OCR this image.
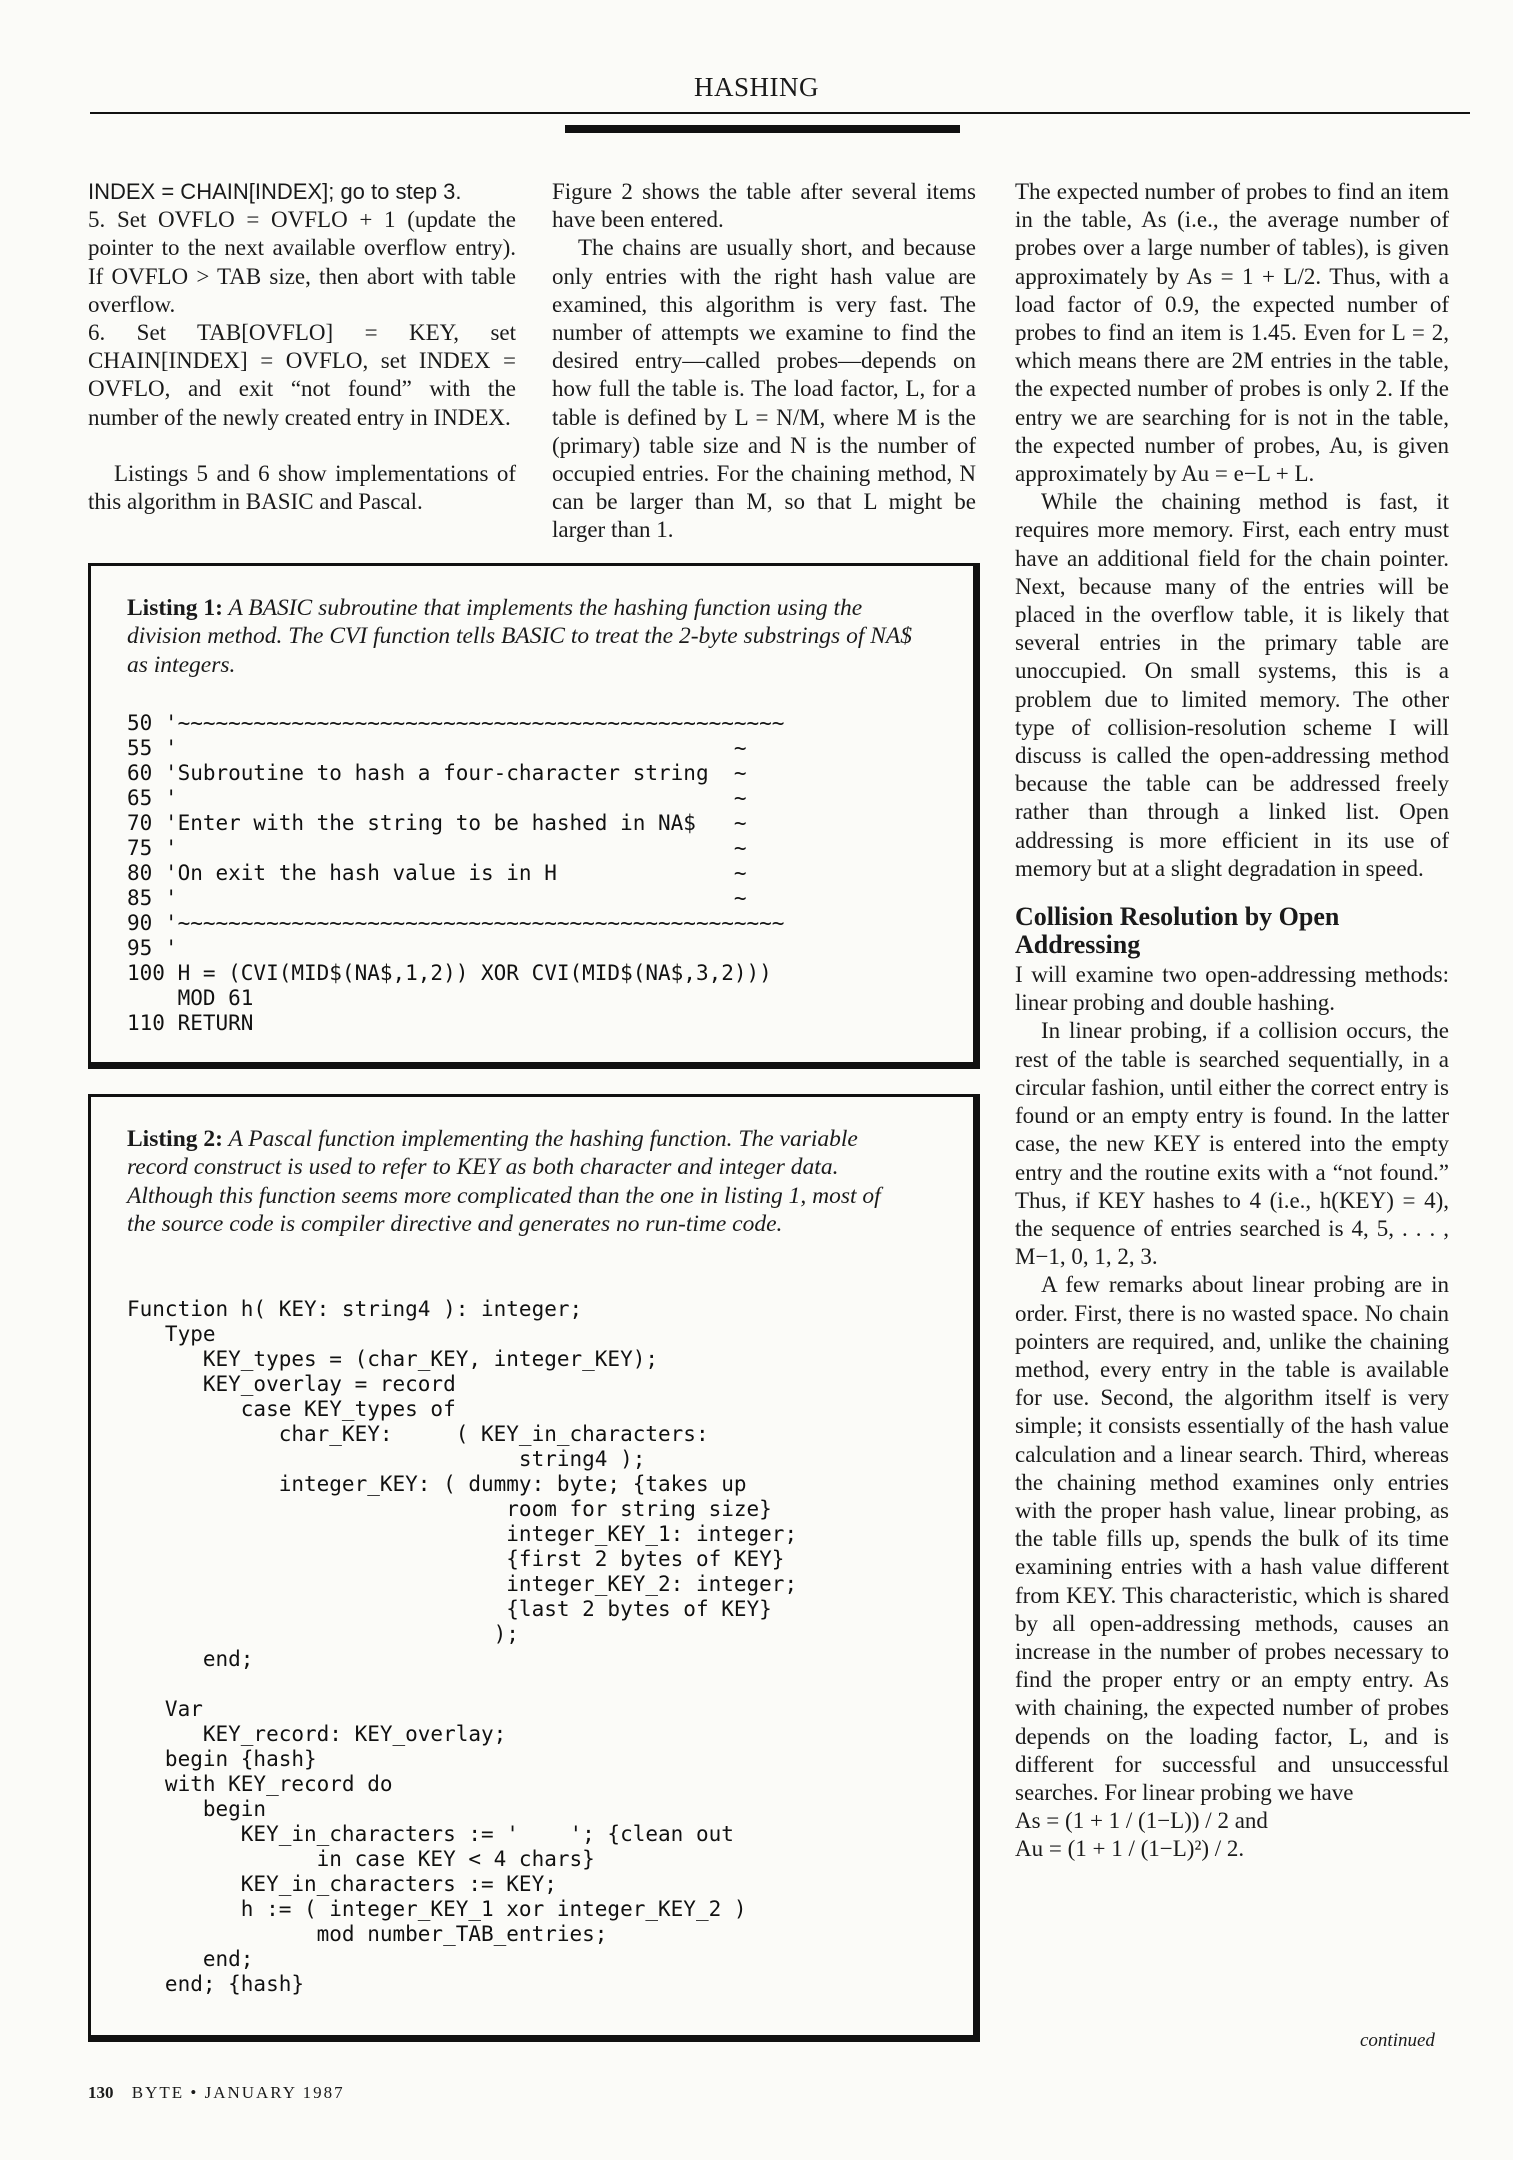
HASHING

INDEX = CHAIN[INDEX]; go to step 3.

5. Set OVFLO = OVFLO + 1 (update the pointer to the next available overflow entry). If OVFLO > TAB size, then abort with table overflow.

6. Set TAB[OVFLO] = KEY, set CHAIN[INDEX] = OVFLO, set INDEX = OVFLO, and exit “not found” with the number of the newly created entry in INDEX.

Listings 5 and 6 show implementations of this algorithm in BASIC and Pascal.

Figure 2 shows the table after several items have been entered.

The chains are usually short, and because only entries with the right hash value are examined, this algorithm is very fast. The number of attempts we examine to find the desired entry—called probes—depends on how full the table is. The load factor, L, for a table is defined by L = N/M, where M is the (primary) table size and N is the number of occupied entries. For the chaining method, N can be larger than M, so that L might be larger than 1.

The expected number of probes to find an item in the table, As (i.e., the average number of probes over a large number of tables), is given approximately by As = 1 + L/2. Thus, with a load factor of 0.9, the expected number of probes to find an item is 1.45. Even for L = 2, which means there are 2M entries in the table, the expected number of probes is only 2. If the entry we are searching for is not in the table, the expected number of probes, Au, is given approximately by Au = e−L + L.

While the chaining method is fast, it requires more memory. First, each entry must have an additional field for the chain pointer. Next, because many of the entries will be placed in the overflow table, it is likely that several entries in the primary table are unoccupied. On small systems, this is a problem due to limited memory. The other type of collision-resolution scheme I will discuss is called the open-addressing method because the table can be addressed freely rather than through a linked list. Open addressing is more efficient in its use of memory but at a slight degradation in speed.

Collision Resolution by Open Addressing

I will examine two open-addressing methods: linear probing and double hashing.

In linear probing, if a collision occurs, the rest of the table is searched sequentially, in a circular fashion, until either the correct entry is found or an empty entry is found. In the latter case, the new KEY is entered into the empty entry and the routine exits with a “not found.” Thus, if KEY hashes to 4 (i.e., h(KEY) = 4), the sequence of entries searched is 4, 5, . . . , M−1, 0, 1, 2, 3.

A few remarks about linear probing are in order. First, there is no wasted space. No chain pointers are required, and, unlike the chaining method, every entry in the table is available for use. Second, the algorithm itself is very simple; it consists essentially of the hash value calculation and a linear search. Third, whereas the chaining method examines only entries with the proper hash value, linear probing, as the table fills up, spends the bulk of its time examining entries with a hash value different from KEY. This characteristic, which is shared by all open-addressing methods, causes an increase in the number of probes necessary to find the proper entry or an empty entry. As with chaining, the expected number of probes depends on the loading factor, L, and is different for successful and unsuccessful searches. For linear probing we have

As = (1 + 1 / (1−L)) / 2 and

Au = (1 + 1 / (1−L)²) / 2.

continued
Listing 1: A BASIC subroutine that implements the hashing function using the division method. The CVI function tells BASIC to treat the 2-byte substrings of NA$ as integers.
50 '~~~~~~~~~~~~~~~~~~~~~~~~~~~~~~~~~~~~~~~~~~~~~~~~
55 '                                            ~
60 'Subroutine to hash a four-character string  ~
65 '                                            ~
70 'Enter with the string to be hashed in NA$   ~
75 '                                            ~
80 'On exit the hash value is in H              ~
85 '                                            ~
90 '~~~~~~~~~~~~~~~~~~~~~~~~~~~~~~~~~~~~~~~~~~~~~~~~
95 '
100 H = (CVI(MID$(NA$,1,2)) XOR CVI(MID$(NA$,3,2)))
MOD 61
110 RETURN
Listing 2: A Pascal function implementing the hashing function. The variable record construct is used to refer to KEY as both character and integer data. Although this function seems more complicated than the one in listing 1, most of the source code is compiler directive and generates no run-time code.
Function h( KEY: string4 ): integer;
Type
KEY_types = (char_KEY, integer_KEY);
KEY_overlay = record
case KEY_types of
char_KEY:     ( KEY_in_characters:
string4 );
integer_KEY: ( dummy: byte; {takes up
room for string size}
integer_KEY_1: integer;
{first 2 bytes of KEY}
integer_KEY_2: integer;
{last 2 bytes of KEY}
);
end;

Var
KEY_record: KEY_overlay;
begin {hash}
with KEY_record do
begin
KEY_in_characters := '    '; {clean out
in case KEY < 4 chars}
KEY_in_characters := KEY;
h := ( integer_KEY_1 xor integer_KEY_2 )
mod number_TAB_entries;
end;
end; {hash}
130 BYTE • JANUARY 1987
